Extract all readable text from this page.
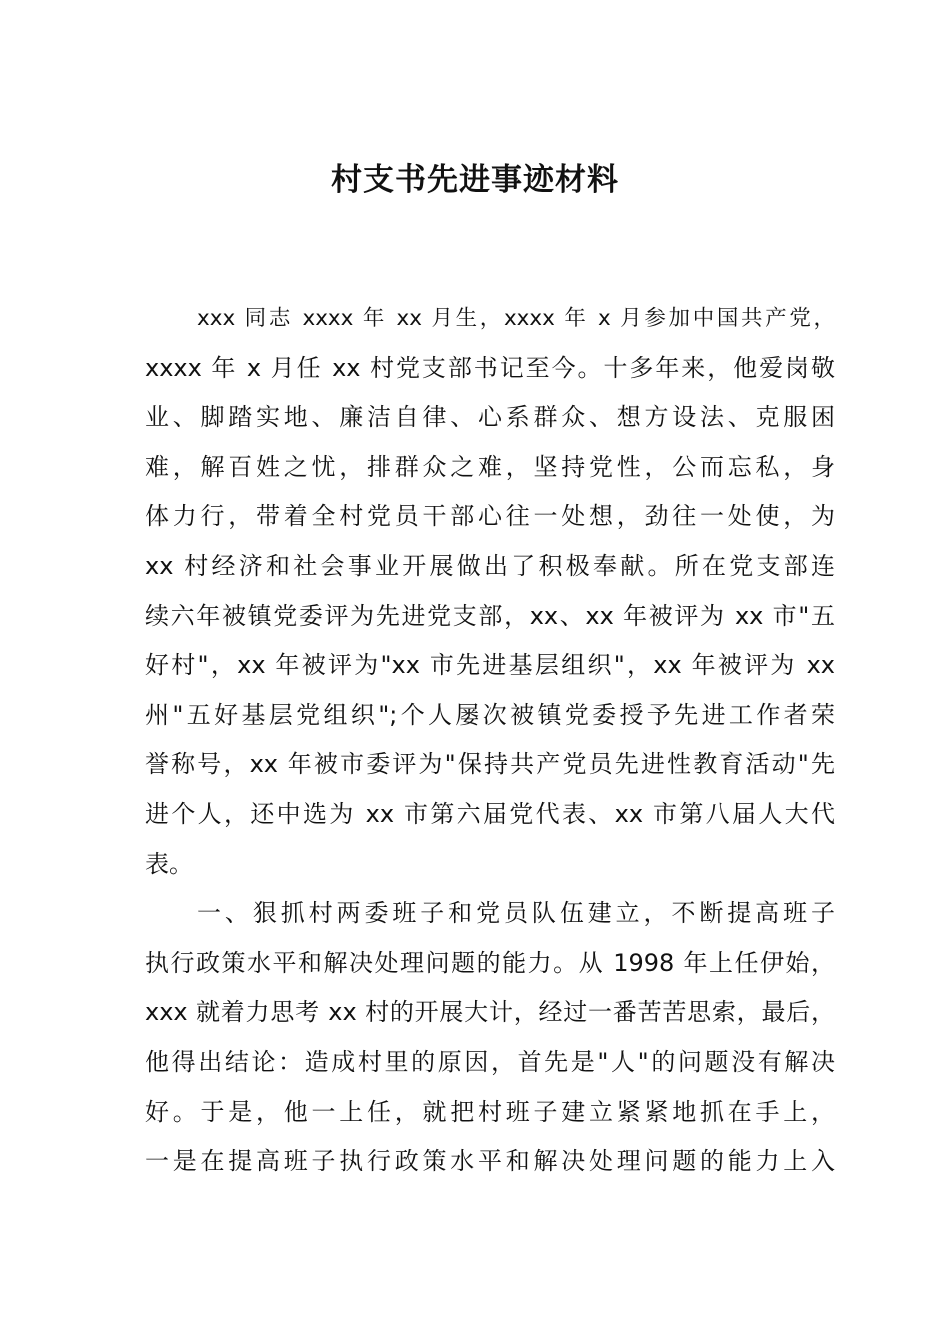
村支书先进事迹材料
xxx 同志 xxxx 年 xx 月生，xxxx 年 x 月参加中国共产党，
xxxx 年 x 月任 xx 村党支部书记至今。十多年来，他爱岗敬
业、脚踏实地、廉洁自律、心系群众、想方设法、克服困
难，解百姓之忧，排群众之难，坚持党性，公而忘私，身
体力行，带着全村党员干部心往一处想，劲往一处使，为
xx 村经济和社会事业开展做出了积极奉献。所在党支部连
续六年被镇党委评为先进党支部，xx、xx 年被评为 xx 市"五
好村"，xx 年被评为"xx 市先进基层组织"，xx 年被评为 xx
州"五好基层党组织";个人屡次被镇党委授予先进工作者荣
誉称号，xx 年被市委评为"保持共产党员先进性教育活动"先
进个人，还中选为 xx 市第六届党代表、xx 市第八届人大代
表。
一、狠抓村两委班子和党员队伍建立，不断提高班子
执行政策水平和解决处理问题的能力。从 1998 年上任伊始，
xxx 就着力思考 xx 村的开展大计，经过一番苦苦思索，最后，
他得出结论：造成村里的原因，首先是"人"的问题没有解决
好。于是，他一上任，就把村班子建立紧紧地抓在手上，
一是在提高班子执行政策水平和解决处理问题的能力上入
